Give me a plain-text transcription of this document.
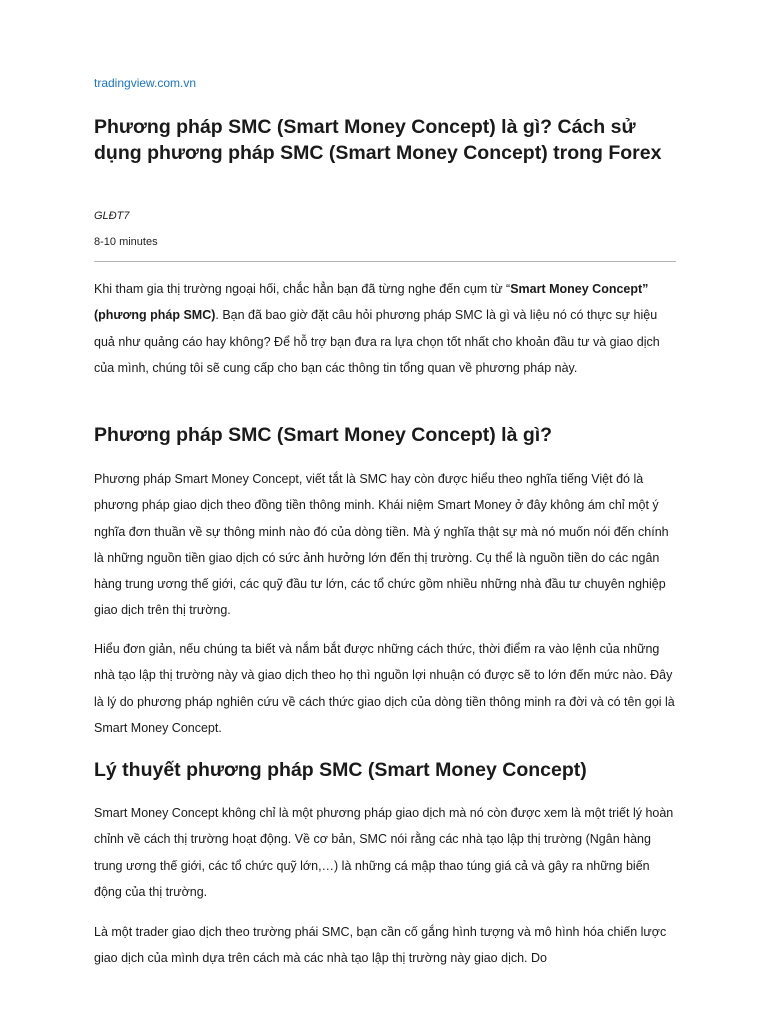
tradingview.com.vn
Phương pháp SMC (Smart Money Concept) là gì? Cách sử dụng phương pháp SMC (Smart Money Concept) trong Forex
GLĐT7
8-10 minutes

Khi tham gia thị trường ngoại hối, chắc hẳn bạn đã từng nghe đến cụm từ “Smart Money Concept” (phương pháp SMC). Bạn đã bao giờ đặt câu hỏi phương pháp SMC là gì và liệu nó có thực sự hiệu quả như quảng cáo hay không? Để hỗ trợ bạn đưa ra lựa chọn tốt nhất cho khoản đầu tư và giao dịch của mình, chúng tôi sẽ cung cấp cho bạn các thông tin tổng quan về phương pháp này.

Phương pháp SMC (Smart Money Concept) là gì?

Phương pháp Smart Money Concept, viết tắt là SMC hay còn được hiểu theo nghĩa tiếng Việt đó là phương pháp giao dịch theo đồng tiền thông minh. Khái niệm Smart Money ở đây không ám chỉ một ý nghĩa đơn thuần về sự thông minh nào đó của dòng tiền. Mà ý nghĩa thật sự mà nó muốn nói đến chính là những nguồn tiền giao dịch có sức ảnh hưởng lớn đến thị trường. Cụ thể là nguồn tiền do các ngân hàng trung ương thế giới, các quỹ đầu tư lớn, các tổ chức gồm nhiều những nhà đầu tư chuyên nghiệp giao dịch trên thị trường.

Hiểu đơn giản, nếu chúng ta biết và nắm bắt được những cách thức, thời điểm ra vào lệnh của những nhà tạo lập thị trường này và giao dịch theo họ thì nguồn lợi nhuận có được sẽ to lớn đến mức nào. Đây là lý do phương pháp nghiên cứu về cách thức giao dịch của dòng tiền thông minh ra đời và có tên gọi là Smart Money Concept.

Lý thuyết phương pháp SMC (Smart Money Concept)

Smart Money Concept không chỉ là một phương pháp giao dịch mà nó còn được xem là một triết lý hoàn chỉnh về cách thị trường hoạt động. Về cơ bản, SMC nói rằng các nhà tạo lập thị trường (Ngân hàng trung ương thế giới, các tổ chức quỹ lớn,…) là những cá mập thao túng giá cả và gây ra những biến động của thị trường.

Là một trader giao dịch theo trường phái SMC, bạn cần cố gắng hình tượng và mô hình hóa chiến lược giao dịch của mình dựa trên cách mà các nhà tạo lập thị trường này giao dịch. Do
